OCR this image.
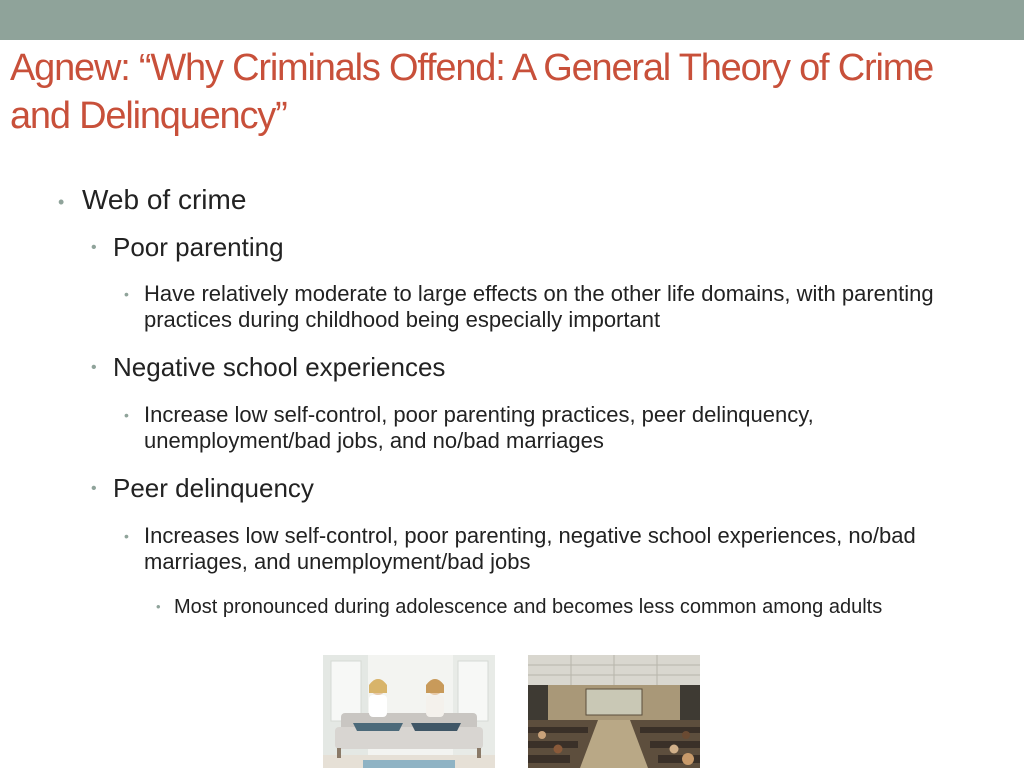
Agnew: “Why Criminals Offend: A General Theory of Crime and Delinquency”

• Web of crime

• Poor parenting

• Have relatively moderate to large effects on the other life domains, with parenting practices during childhood being especially important

• Negative school experiences

• Increase low self-control, poor parenting practices, peer delinquency, unemployment/bad jobs, and no/bad marriages

• Peer delinquency

• Increases low self-control, poor parenting, negative school experiences, no/bad marriages, and unemployment/bad jobs

• Most pronounced during adolescence and becomes less common among adults
